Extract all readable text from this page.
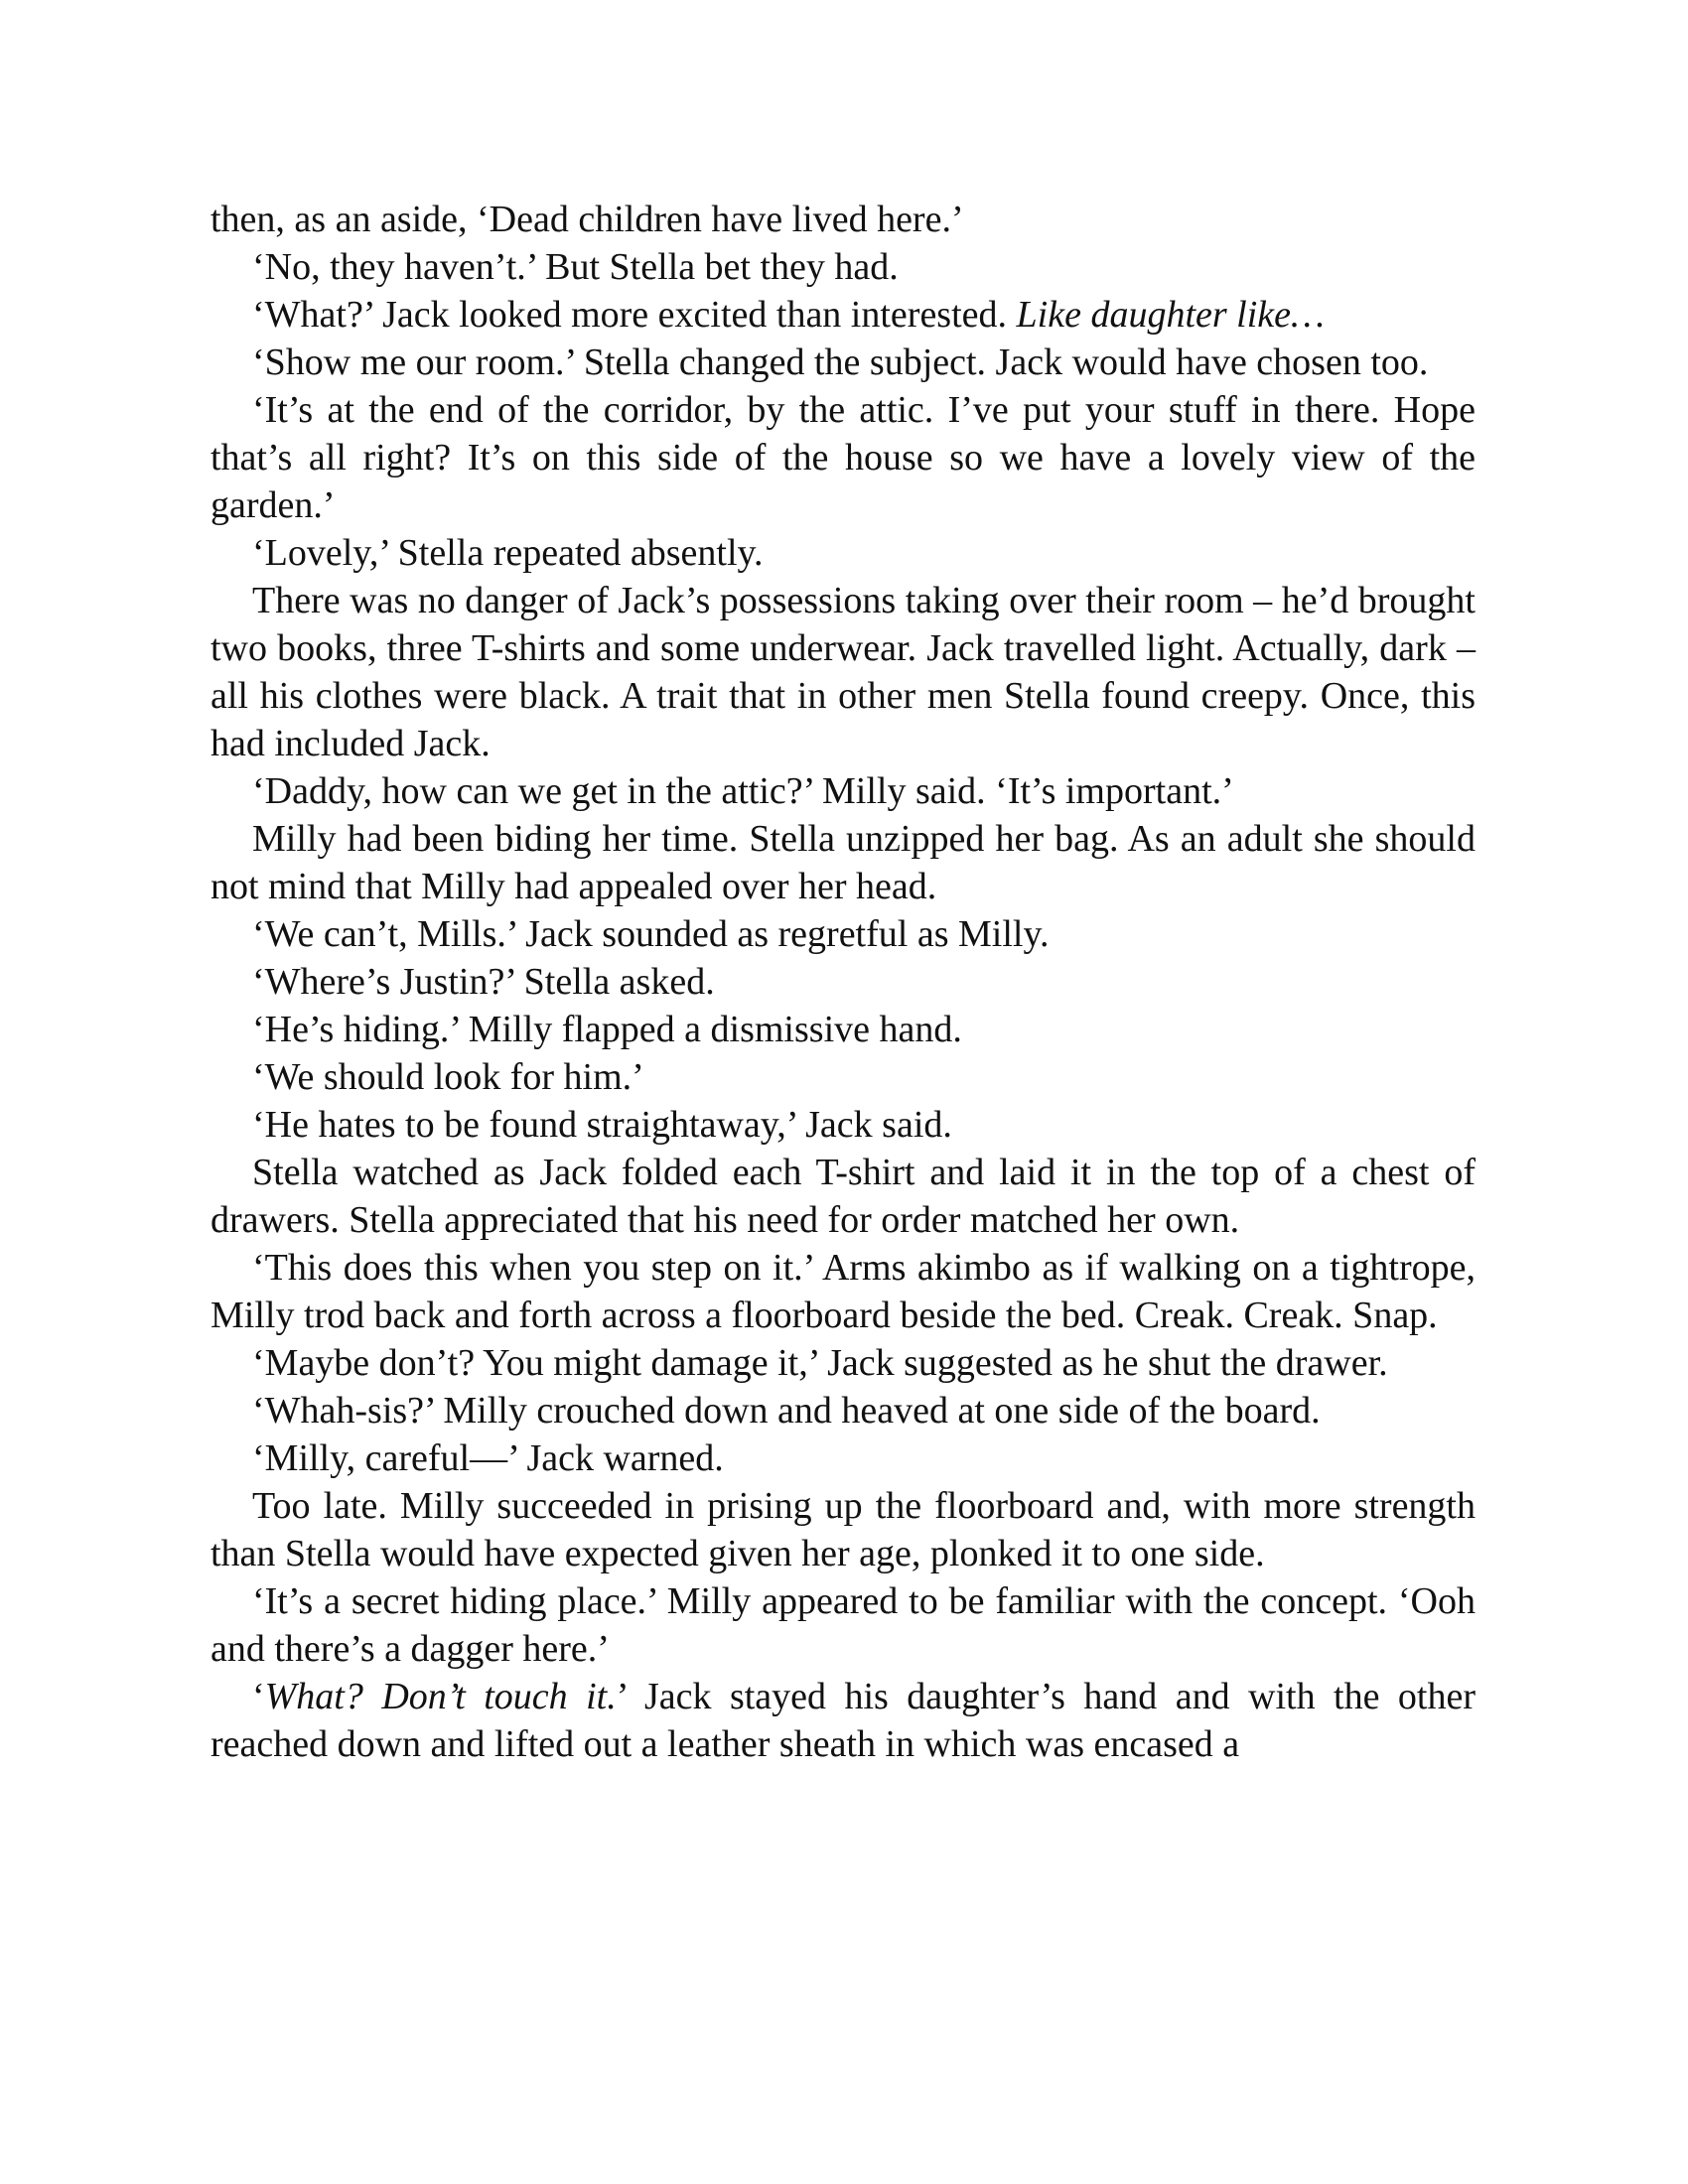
then, as an aside, ‘Dead children have lived here.’

‘No, they haven’t.’ But Stella bet they had.

‘What?’ Jack looked more excited than interested. Like daughter like…

‘Show me our room.’ Stella changed the subject. Jack would have chosen too.

‘It’s at the end of the corridor, by the attic. I’ve put your stuff in there. Hope that’s all right? It’s on this side of the house so we have a lovely view of the garden.’

‘Lovely,’ Stella repeated absently.

There was no danger of Jack’s possessions taking over their room – he’d brought two books, three T-shirts and some underwear. Jack travelled light. Actually, dark – all his clothes were black. A trait that in other men Stella found creepy. Once, this had included Jack.

‘Daddy, how can we get in the attic?’ Milly said. ‘It’s important.’

Milly had been biding her time. Stella unzipped her bag. As an adult she should not mind that Milly had appealed over her head.

‘We can’t, Mills.’ Jack sounded as regretful as Milly.

‘Where’s Justin?’ Stella asked.

‘He’s hiding.’ Milly flapped a dismissive hand.

‘We should look for him.’

‘He hates to be found straightaway,’ Jack said.

Stella watched as Jack folded each T-shirt and laid it in the top of a chest of drawers. Stella appreciated that his need for order matched her own.

‘This does this when you step on it.’ Arms akimbo as if walking on a tightrope, Milly trod back and forth across a floorboard beside the bed. Creak. Creak. Snap.

‘Maybe don’t? You might damage it,’ Jack suggested as he shut the drawer.

‘Whah-sis?’ Milly crouched down and heaved at one side of the board.

‘Milly, careful—’ Jack warned.

Too late. Milly succeeded in prising up the floorboard and, with more strength than Stella would have expected given her age, plonked it to one side.

‘It’s a secret hiding place.’ Milly appeared to be familiar with the concept. ‘Ooh and there’s a dagger here.’

‘What? Don’t touch it.’ Jack stayed his daughter’s hand and with the other reached down and lifted out a leather sheath in which was encased a
